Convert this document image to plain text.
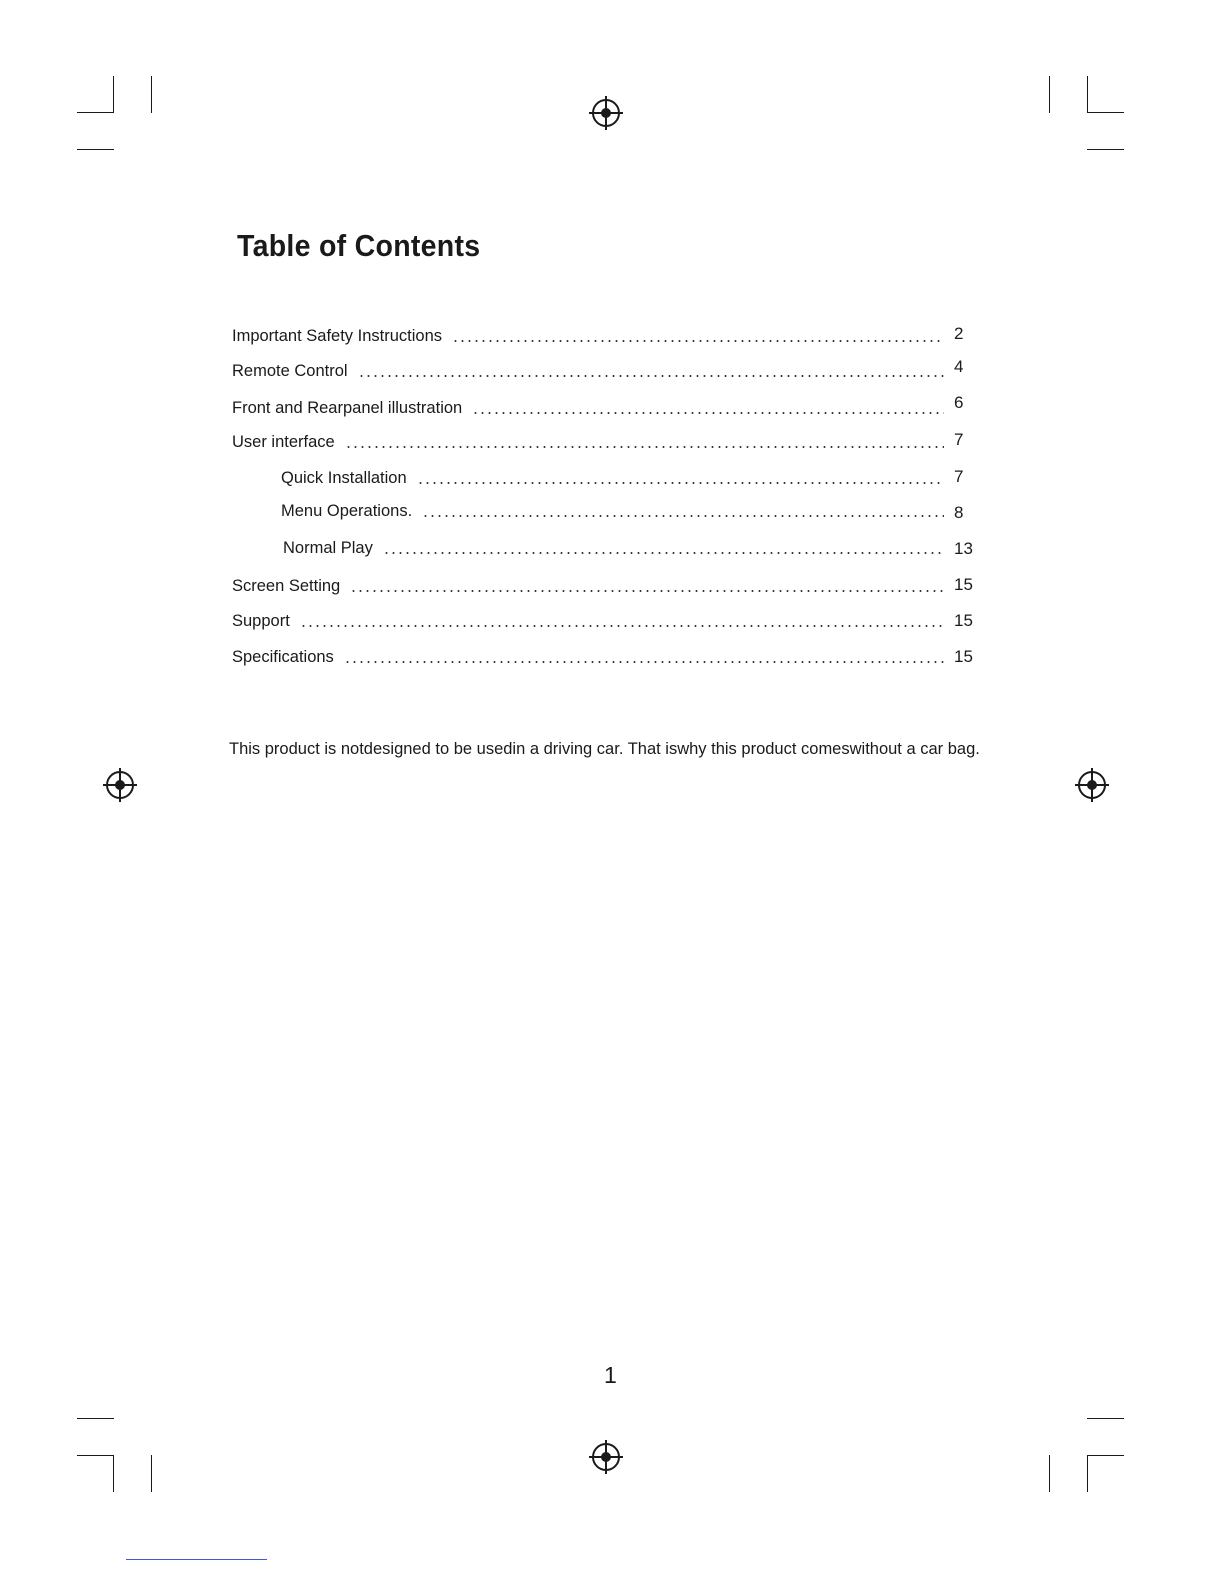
Table of Contents
Important Safety Instructions	2
Remote Control	4
Front and Rearpanel illustration	6
User interface	7
Quick Installation	7
Menu Operations.	8
Normal Play	13
Screen Setting	15
Support	15
Specifications	15

This product is notdesigned to be usedin a driving car. That iswhy this product comeswithout a car bag.

1
